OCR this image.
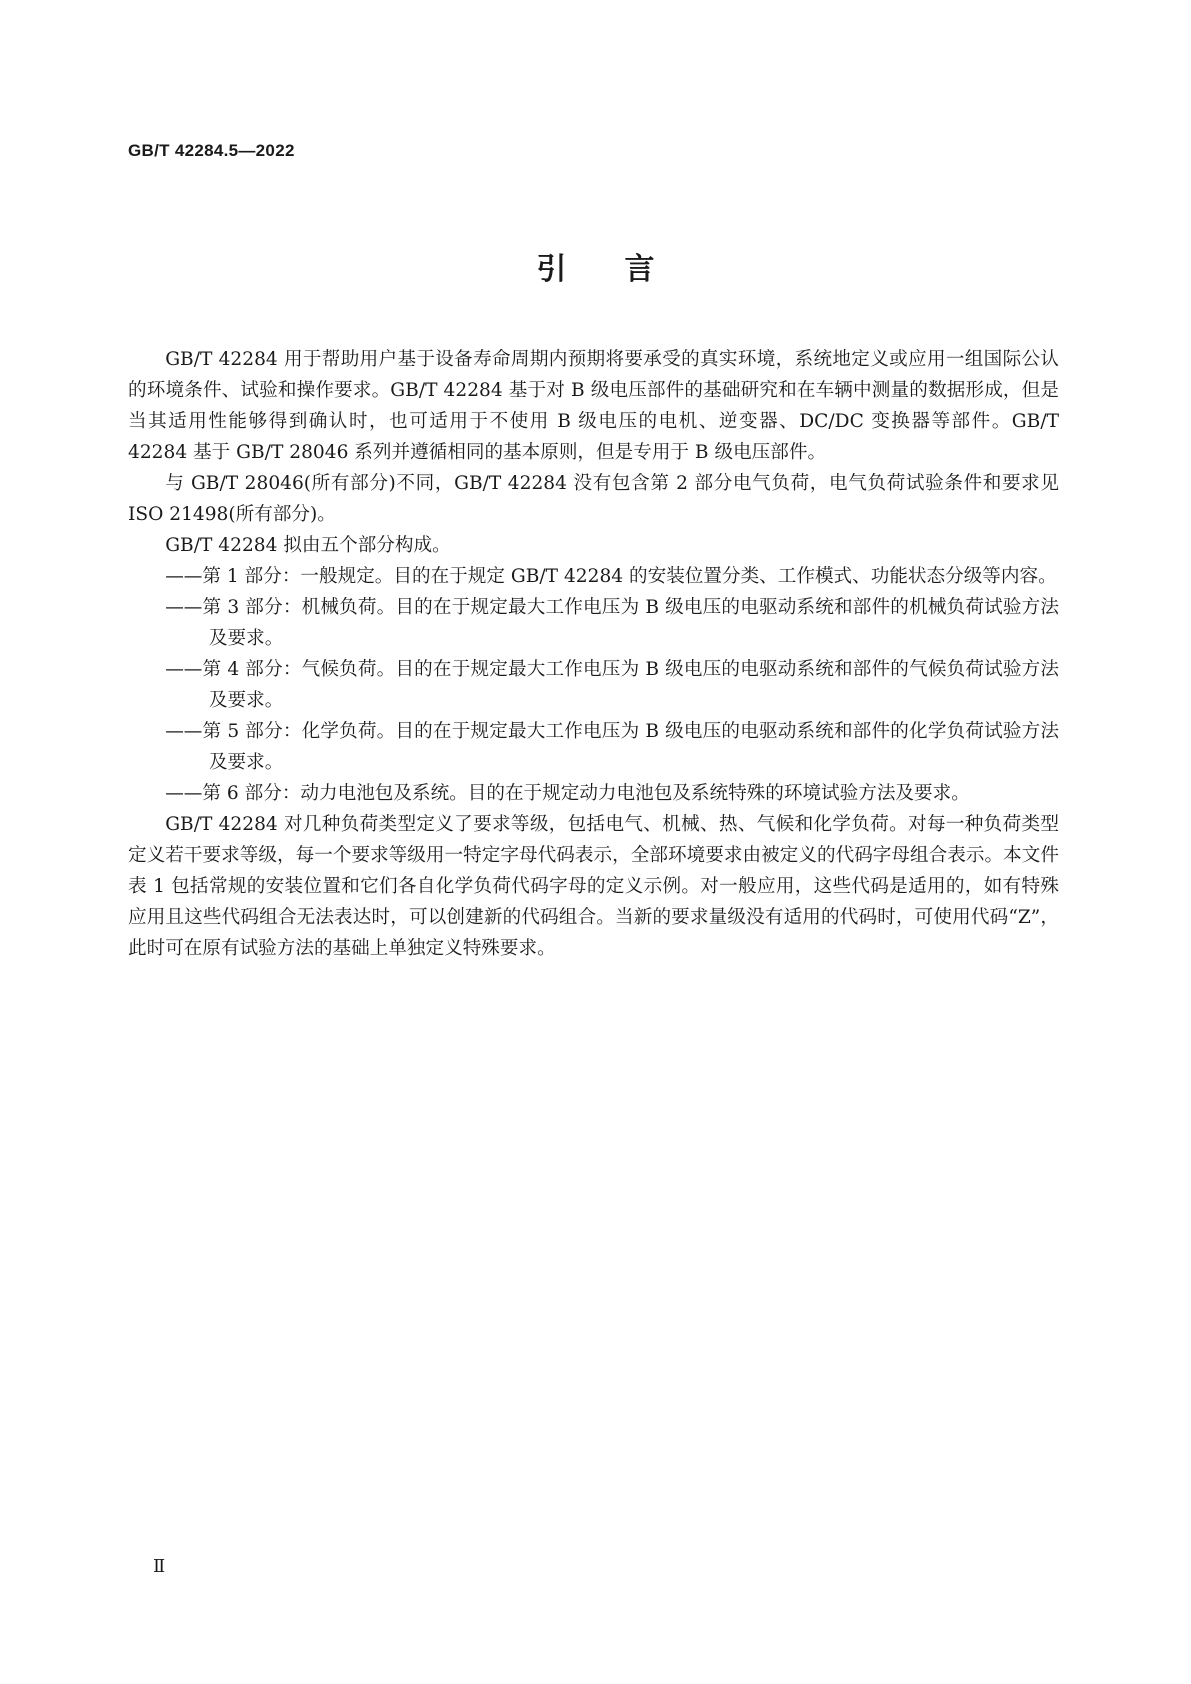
GB/T 42284.5—2022
引 言

GB/T 42284 用于帮助用户基于设备寿命周期内预期将要承受的真实环境，系统地定义或应用一组国际公认的环境条件、试验和操作要求。GB/T 42284 基于对 B 级电压部件的基础研究和在车辆中测量的数据形成，但是当其适用性能够得到确认时，也可适用于不使用 B 级电压的电机、逆变器、DC/DC 变换器等部件。GB/T 42284 基于 GB/T 28046 系列并遵循相同的基本原则，但是专用于 B 级电压部件。

与 GB/T 28046(所有部分)不同，GB/T 42284 没有包含第 2 部分电气负荷，电气负荷试验条件和要求见 ISO 21498(所有部分)。

GB/T 42284 拟由五个部分构成。

——第 1 部分：一般规定。目的在于规定 GB/T 42284 的安装位置分类、工作模式、功能状态分级等内容。

——第 3 部分：机械负荷。目的在于规定最大工作电压为 B 级电压的电驱动系统和部件的机械负荷试验方法及要求。

——第 4 部分：气候负荷。目的在于规定最大工作电压为 B 级电压的电驱动系统和部件的气候负荷试验方法及要求。

——第 5 部分：化学负荷。目的在于规定最大工作电压为 B 级电压的电驱动系统和部件的化学负荷试验方法及要求。

——第 6 部分：动力电池包及系统。目的在于规定动力电池包及系统特殊的环境试验方法及要求。

GB/T 42284 对几种负荷类型定义了要求等级，包括电气、机械、热、气候和化学负荷。对每一种负荷类型定义若干要求等级，每一个要求等级用一特定字母代码表示，全部环境要求由被定义的代码字母组合表示。本文件表 1 包括常规的安装位置和它们各自化学负荷代码字母的定义示例。对一般应用，这些代码是适用的，如有特殊应用且这些代码组合无法表达时，可以创建新的代码组合。当新的要求量级没有适用的代码时，可使用代码“Z”，此时可在原有试验方法的基础上单独定义特殊要求。

Ⅱ
